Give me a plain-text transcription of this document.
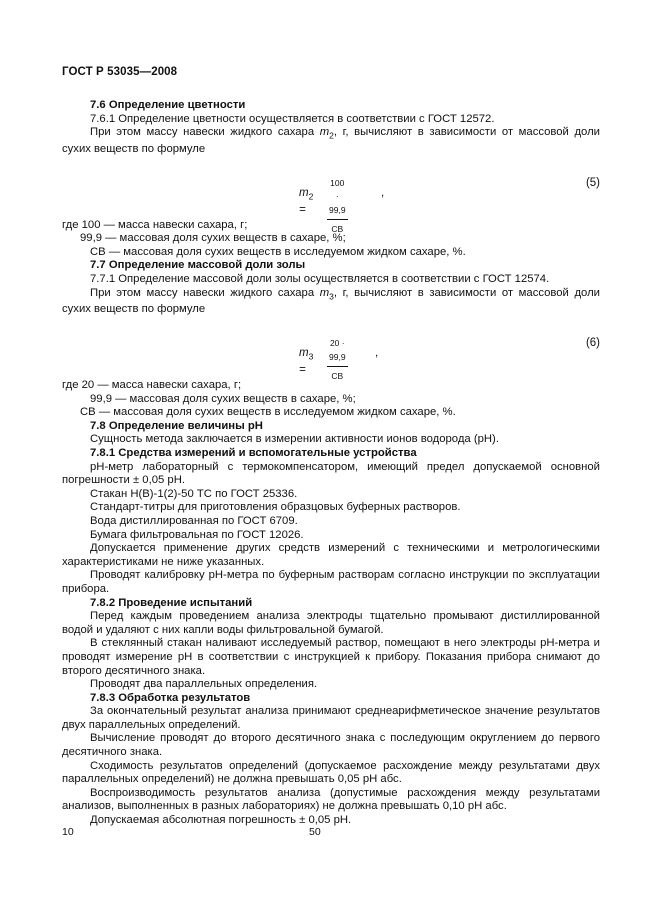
ГОСТ Р 53035—2008

7.6 Определение цветности

7.6.1 Определение цветности осуществляется в соответствии с ГОСТ 12572.

При этом массу навески жидкого сахара $m_2$, г, вычисляют в зависимости от массовой доли сухих веществ по формуле

$m_2$ =
100 · 99,9
СВ
,
(5)

где 100 — масса навески сахара, г;

99,9 — массовая доля сухих веществ в сахаре, %;

СВ — массовая доля сухих веществ в исследуемом жидком сахаре, %.

7.7 Определение массовой доли золы

7.7.1 Определение массовой доли золы осуществляется в соответствии с ГОСТ 12574.

При этом массу навески жидкого сахара $m_3$, г, вычисляют в зависимости от массовой доли сухих веществ по формуле

$m_3$ =
20 · 99,9
СВ
,
(6)

где 20 — масса навески сахара, г;

99,9 — массовая доля сухих веществ в сахаре, %;

СВ — массовая доля сухих веществ в исследуемом жидком сахаре, %.

7.8 Определение величины рН

Сущность метода заключается в измерении активности ионов водорода (рН).

7.8.1 Средства измерений и вспомогательные устройства

рН-метр лабораторный с термокомпенсатором, имеющий предел допускаемой основной погрешности ± 0,05 рН.

Стакан Н(В)-1(2)-50 ТС по ГОСТ 25336.

Стандарт-титры для приготовления образцовых буферных растворов.

Вода дистиллированная по ГОСТ 6709.

Бумага фильтровальная по ГОСТ 12026.

Допускается применение других средств измерений с техническими и метрологическими характеристиками не ниже указанных.

Проводят калибровку рН-метра по буферным растворам согласно инструкции по эксплуатации прибора.

7.8.2 Проведение испытаний

Перед каждым проведением анализа электроды тщательно промывают дистиллированной водой и удаляют с них капли воды фильтровальной бумагой.

В стеклянный стакан наливают исследуемый раствор, помещают в него электроды рН-метра и проводят измерение рН в соответствии с инструкцией к прибору. Показания прибора снимают до второго десятичного знака.

Проводят два параллельных определения.

7.8.3 Обработка результатов

За окончательный результат анализа принимают среднеарифметическое значение результатов двух параллельных определений.

Вычисление проводят до второго десятичного знака с последующим округлением до первого десятичного знака.

Сходимость результатов определений (допускаемое расхождение между результатами двух параллельных определений) не должна превышать 0,05 рН абс.

Воспроизводимость результатов анализа (допустимые расхождения между результатами анализов, выполненных в разных лабораториях) не должна превышать 0,10 рН абс.

Допускаемая абсолютная погрешность ± 0,05 рН.

10	50
